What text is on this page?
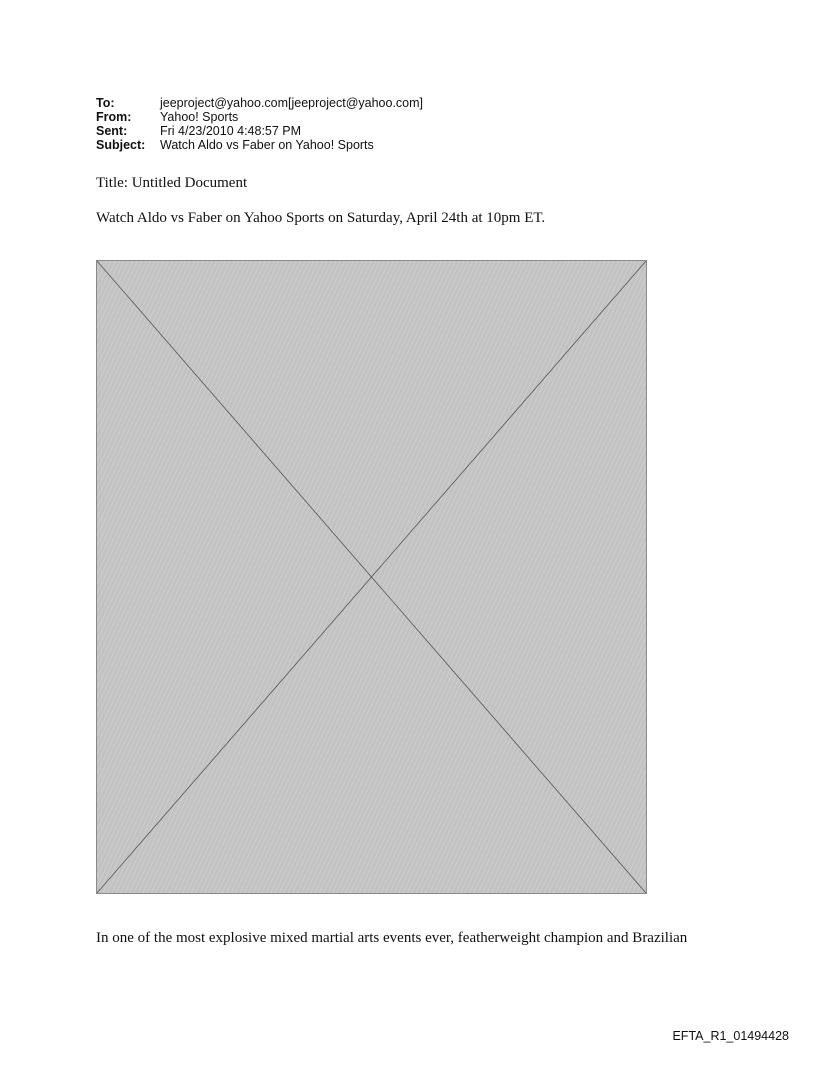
To:	jeeproject@yahoo.com[jeeproject@yahoo.com]
From:	Yahoo! Sports
Sent:	Fri 4/23/2010 4:48:57 PM
Subject:	Watch Aldo vs Faber on Yahoo! Sports
Title: Untitled Document
Watch Aldo vs Faber on Yahoo Sports on Saturday, April 24th at 10pm ET.
In one of the most explosive mixed martial arts events ever, featherweight champion and Brazilian
EFTA_R1_01494428
